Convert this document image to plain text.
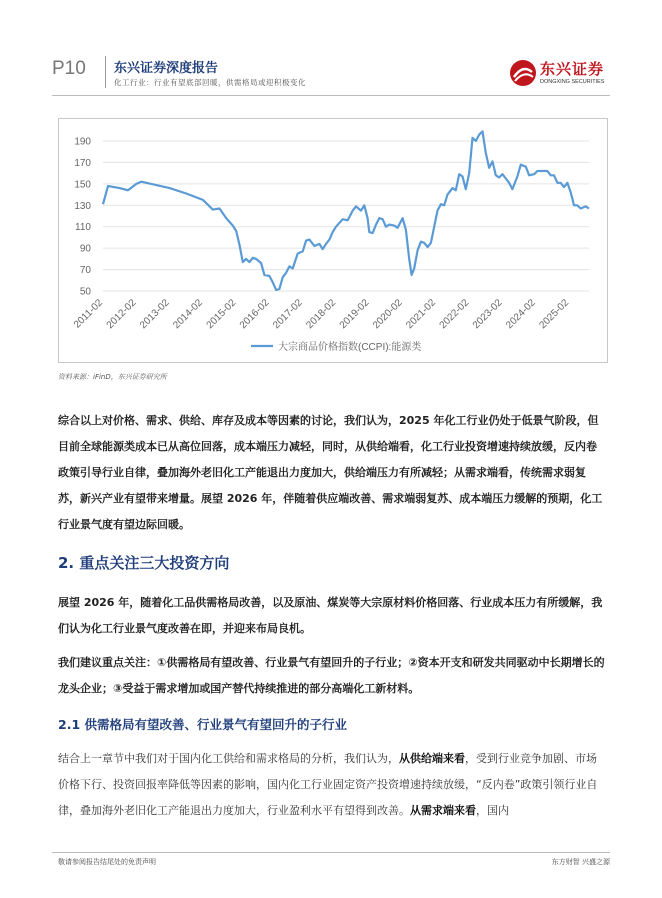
P10 东兴证券深度报告
化工行业：行业有望底部回暖，供需格局或迎积极变化
东兴证券
DONGXING SECURITIES
190
170
150
130
110
90
70
50
2011-02 2012-02 2013-02 2014-02 2015-02 2016-02 2017-02 2018-02 2019-02 2020-02 2021-02 2022-02 2023-02 2024-02 2025-02
大宗商品价格指数(CCPI):能源类
资料来源：iFinD，东兴证券研究所

综合以上对价格、需求、供给、库存及成本等因素的讨论，我们认为，2025 年化工行业仍处于低景气阶段，但目前全球能源类成本已从高位回落，成本端压力减轻，同时，从供给端看，化工行业投资增速持续放缓，反内卷政策引导行业自律，叠加海外老旧化工产能退出力度加大，供给端压力有所减轻；从需求端看，传统需求弱复苏，新兴产业有望带来增量。展望 2026 年，伴随着供应端改善、需求端弱复苏、成本端压力缓解的预期，化工行业景气度有望边际回暖。

2. 重点关注三大投资方向

展望 2026 年，随着化工品供需格局改善，以及原油、煤炭等大宗原材料价格回落、行业成本压力有所缓解，我们认为化工行业景气度改善在即，并迎来布局良机。

我们建议重点关注：①供需格局有望改善、行业景气有望回升的子行业；②资本开支和研发共同驱动中长期增长的龙头企业；③受益于需求增加或国产替代持续推进的部分高端化工新材料。

2.1 供需格局有望改善、行业景气有望回升的子行业

结合上一章节中我们对于国内化工供给和需求格局的分析，我们认为，从供给端来看，受到行业竞争加剧、市场价格下行、投资回报率降低等因素的影响，国内化工行业固定资产投资增速持续放缓，“反内卷”政策引领行业自律，叠加海外老旧化工产能退出力度加大，行业盈利水平有望得到改善。从需求端来看，国内

敬请参阅报告结尾处的免责声明	东方财智 兴盛之源
